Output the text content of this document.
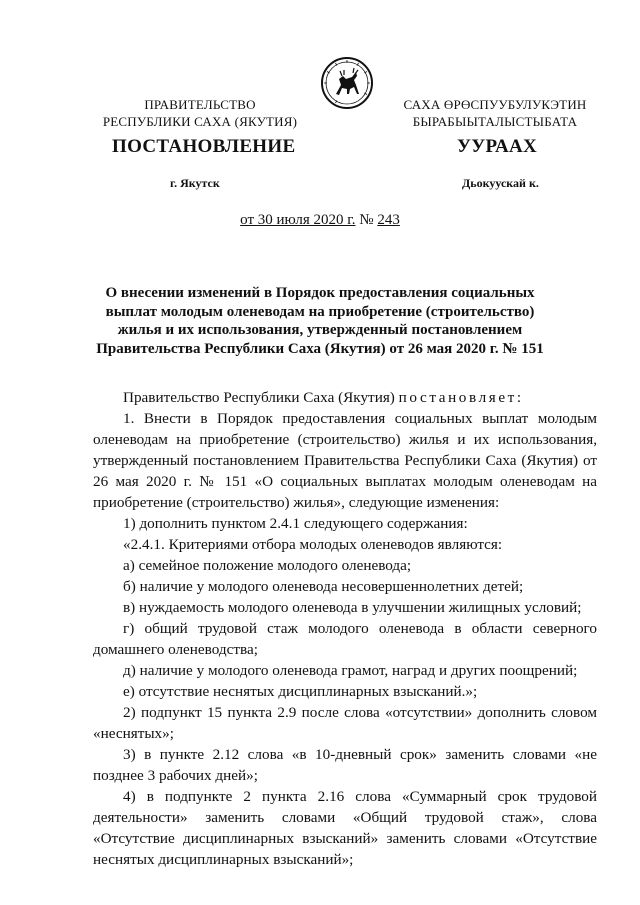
ПРАВИТЕЛЬСТВО
РЕСПУБЛИКИ САХА (ЯКУТИЯ)
САХА ӨРӨСПУУБУЛУКЭТИН
БЫРАБЫЫТАЛЫСТЫБАТА
ПОСТАНОВЛЕНИЕ	УУРААХ
г. Якутск	Дьокуускай к.
от 30 июля 2020 г. № 243
О внесении изменений в Порядок предоставления социальных выплат молодым оленеводам на приобретение (строительство) жилья и их использования, утвержденный постановлением Правительства Республики Саха (Якутия) от 26 мая 2020 г. № 151

Правительство Республики Саха (Якутия) постановляет:

1. Внести в Порядок предоставления социальных выплат молодым оленеводам на приобретение (строительство) жилья и их использования, утвержденный постановлением Правительства Республики Саха (Якутия) от 26 мая 2020 г. № 151 «О социальных выплатах молодым оленеводам на приобретение (строительство) жилья», следующие изменения:

1) дополнить пунктом 2.4.1 следующего содержания:

«2.4.1. Критериями отбора молодых оленеводов являются:

а) семейное положение молодого оленевода;

б) наличие у молодого оленевода несовершеннолетних детей;

в) нуждаемость молодого оленевода в улучшении жилищных условий;

г) общий трудовой стаж молодого оленевода в области северного домашнего оленеводства;

д) наличие у молодого оленевода грамот, наград и других поощрений;

е) отсутствие неснятых дисциплинарных взысканий.»;

2) подпункт 15 пункта 2.9 после слова «отсутствии» дополнить словом «неснятых»;

3) в пункте 2.12 слова «в 10-дневный срок» заменить словами «не позднее 3 рабочих дней»;

4) в подпункте 2 пункта 2.16 слова «Суммарный срок трудовой деятельности» заменить словами «Общий трудовой стаж», слова «Отсутствие дисциплинарных взысканий» заменить словами «Отсутствие неснятых дисциплинарных взысканий»;
